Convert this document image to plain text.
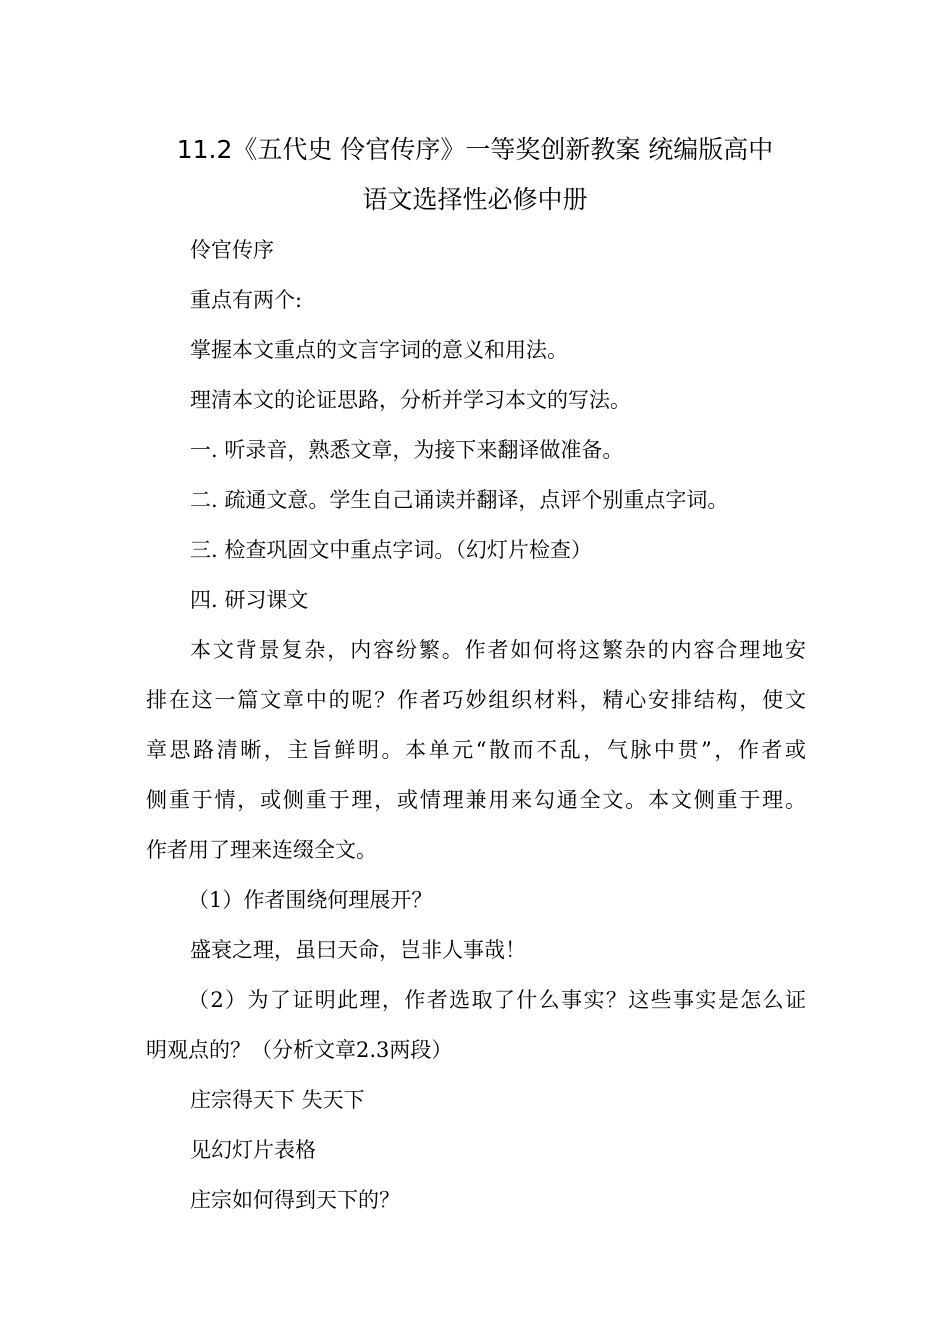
11.2《五代史 伶官传序》一等奖创新教案 统编版高中
语文选择性必修中册
伶官传序
重点有两个:
掌握本文重点的文言字词的意义和用法。
理清本文的论证思路，分析并学习本文的写法。
一. 听录音，熟悉文章，为接下来翻译做准备。
二. 疏通文意。学生自己诵读并翻译，点评个别重点字词。
三. 检查巩固文中重点字词。（幻灯片检查）
四. 研习课文
本文背景复杂，内容纷繁。作者如何将这繁杂的内容合理地安
排在这一篇文章中的呢？作者巧妙组织材料，精心安排结构，使文
章思路清晰，主旨鲜明。本单元“散而不乱，气脉中贯”，作者或
侧重于情，或侧重于理，或情理兼用来勾通全文。本文侧重于理。
作者用了理来连缀全文。
（1）作者围绕何理展开？
盛衰之理，虽曰天命，岂非人事哉！
（2）为了证明此理，作者选取了什么事实？这些事实是怎么证
明观点的？（分析文章2.3两段）
庄宗得天下 失天下
见幻灯片表格
庄宗如何得到天下的？
